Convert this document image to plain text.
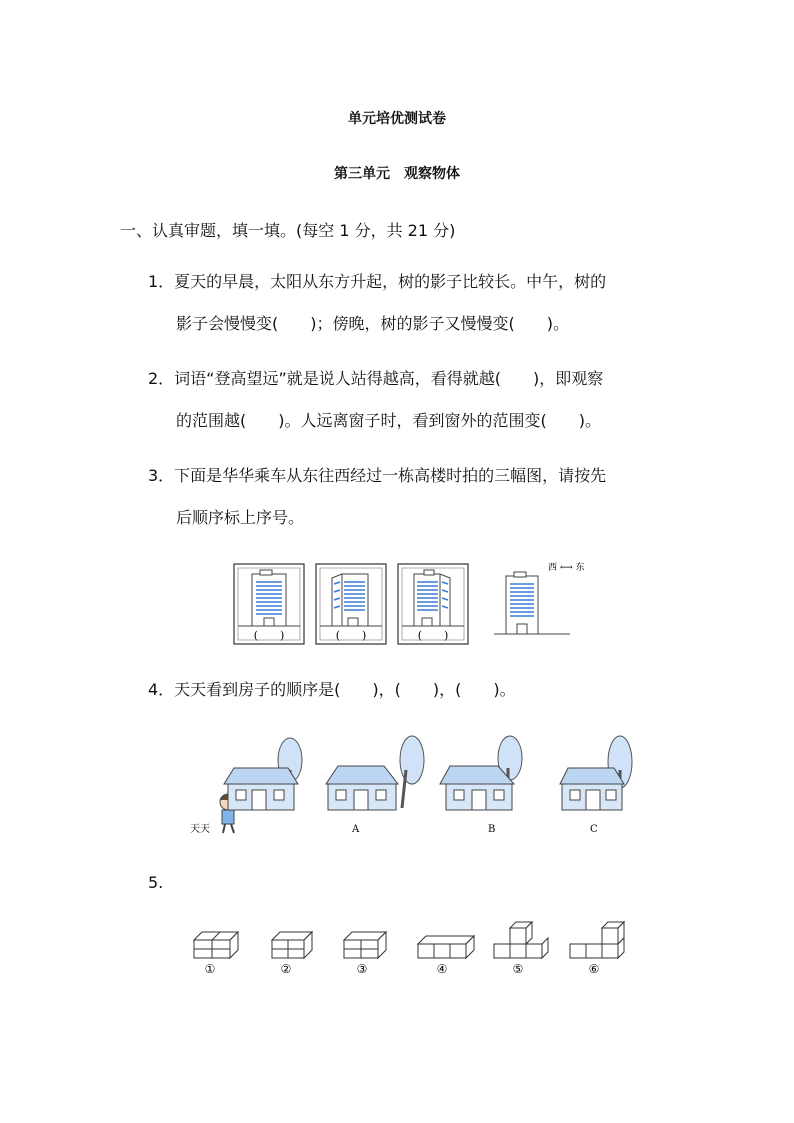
单元培优测试卷
第三单元　观察物体
一、认真审题，填一填。(每空 1 分，共 21 分)
1．夏天的早晨，太阳从东方升起，树的影子比较长。中午，树的
影子会慢慢变(　　)；傍晚，树的影子又慢慢变(　　)。
2．词语“登高望远”就是说人站得越高，看得就越(　　)，即观察
的范围越(　　)。人远离窗子时，看到窗外的范围变(　　)。
3．下面是华华乘车从东往西经过一栋高楼时拍的三幅图，请按先
后顺序标上序号。
(　　)	(　　)	(　　)
西 ⟷ 东
4．天天看到房子的顺序是(　　)，(　　)，(　　)。
天天	A	B	C
5.
①	②	③	④	⑤	⑥
